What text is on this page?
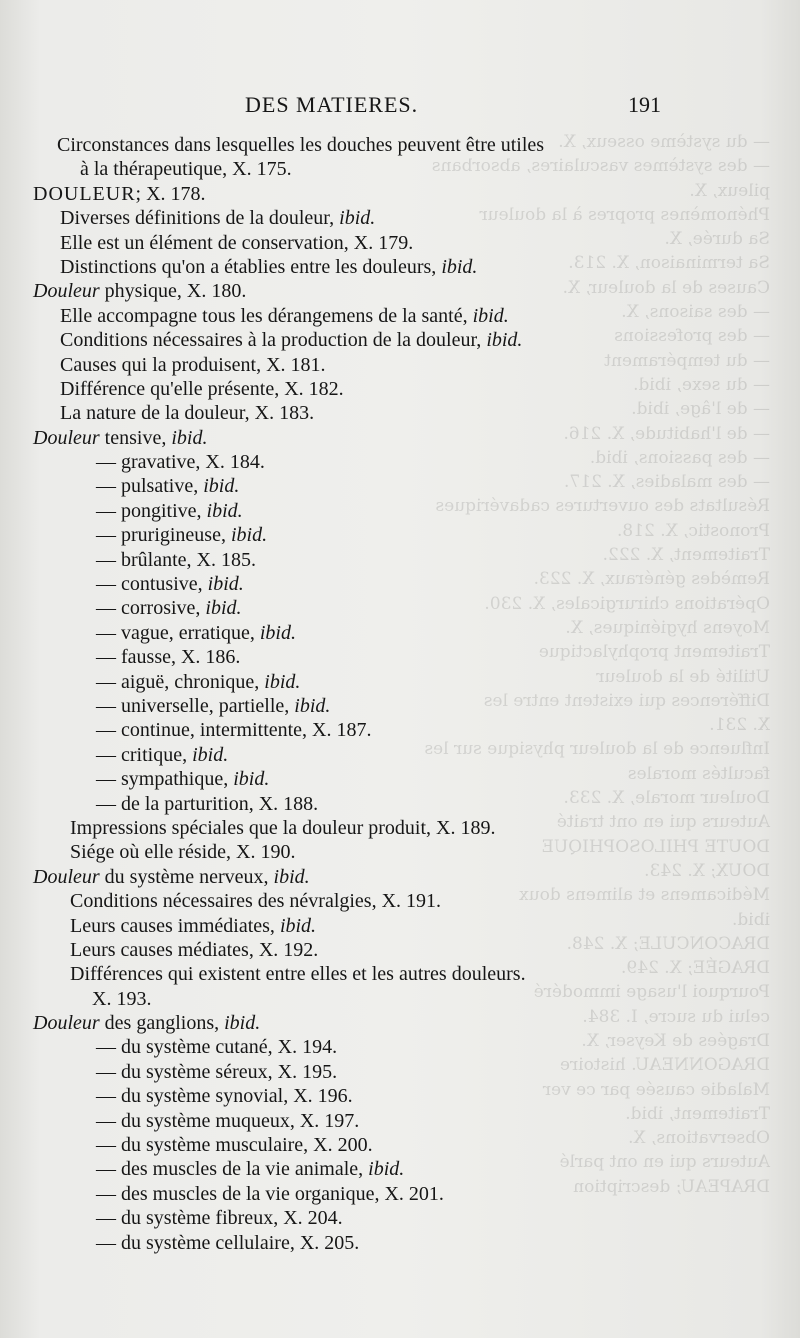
— du système osseux, X.
— des systèmes vasculaires, absorbans
pileux, X.
Phénomènes propres à la douleur
Sa durée, X.
Sa terminaison, X. 213.
Causes de la douleur, X.
— des saisons, X.
— des professions
— du tempérament
— du sexe, ibid.
— de l'âge, ibid.
— de l'habitude, X. 216.
— des passions, ibid.
— des maladies, X. 217.
Résultats des ouvertures cadavériques
Pronostic, X. 218.
Traitement, X. 222.
Remèdes généraux, X. 223.
Opérations chirurgicales, X. 230.
Moyens hygiéniques, X.
Traitement prophylactique
Utilité de la douleur
Différences qui existent entre les
X. 231.
Influence de la douleur physique sur les
facultés morales
Douleur morale, X. 233.
Auteurs qui en ont traité
DOUTE PHILOSOPHIQUE
DOUX; X. 243.
Médicamens et alimens doux
ibid.
DRACONCULE; X. 248.
DRAGÉE; X. 249.
Pourquoi l'usage immodéré
celui du sucre, I. 384.
Dragées de Keyser, X.
DRAGONNEAU. histoire
Maladie causée par ce ver
Traitement, ibid.
Observations, X.
Auteurs qui en ont parlé
DRAPEAU; description
DES MATIERES.	191
Circonstances dans lesquelles les douches peuvent être utiles
à la thérapeutique, X. 175.
DOULEUR; X. 178.
Diverses définitions de la douleur, ibid.
Elle est un élément de conservation, X. 179.
Distinctions qu'on a établies entre les douleurs, ibid.
Douleur physique, X. 180.
Elle accompagne tous les dérangemens de la santé, ibid.
Conditions nécessaires à la production de la douleur, ibid.
Causes qui la produisent, X. 181.
Différence qu'elle présente, X. 182.
La nature de la douleur, X. 183.
Douleur tensive, ibid.
— gravative, X. 184.
— pulsative, ibid.
— pongitive, ibid.
— prurigineuse, ibid.
— brûlante, X. 185.
— contusive, ibid.
— corrosive, ibid.
— vague, erratique, ibid.
— fausse, X. 186.
— aiguë, chronique, ibid.
— universelle, partielle, ibid.
— continue, intermittente, X. 187.
— critique, ibid.
— sympathique, ibid.
— de la parturition, X. 188.
Impressions spéciales que la douleur produit, X. 189.
Siége où elle réside, X. 190.
Douleur du système nerveux, ibid.
Conditions nécessaires des névralgies, X. 191.
Leurs causes immédiates, ibid.
Leurs causes médiates, X. 192.
Différences qui existent entre elles et les autres douleurs.
X. 193.
Douleur des ganglions, ibid.
— du système cutané, X. 194.
— du système séreux, X. 195.
— du système synovial, X. 196.
— du système muqueux, X. 197.
— du système musculaire, X. 200.
— des muscles de la vie animale, ibid.
— des muscles de la vie organique, X. 201.
— du système fibreux, X. 204.
— du système cellulaire, X. 205.
